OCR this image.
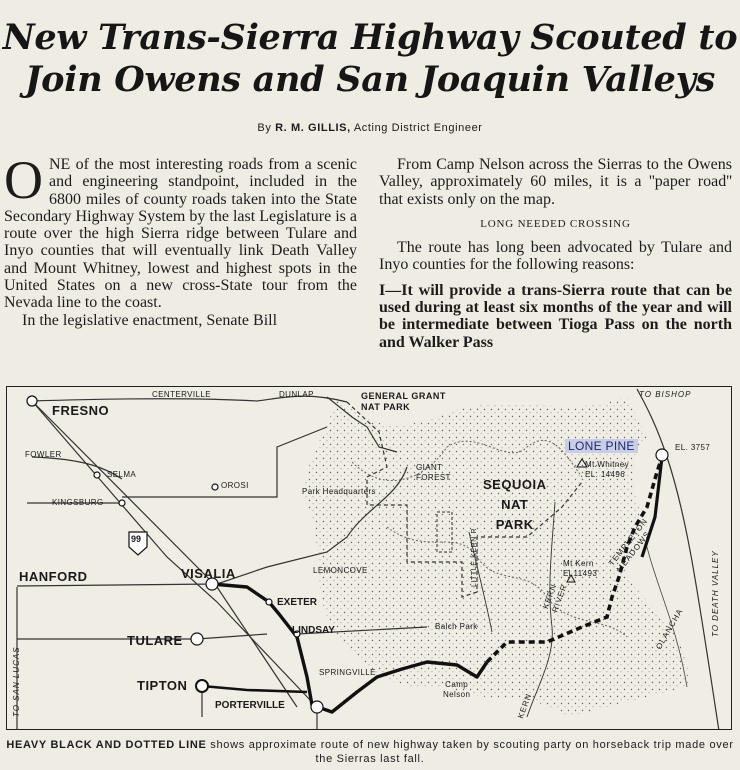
New Trans-Sierra Highway Scouted to
Join Owens and San Joaquin Valleys
By R. M. GILLIS, Acting District Engineer

ONE of the most interesting roads from a scenic and engineering standpoint, included in the 6800 miles of county roads taken into the State Secondary Highway System by the last Legislature is a route over the high Sierra ridge between Tulare and Inyo counties that will eventually link Death Valley and Mount Whitney, lowest and highest spots in the United States on a new cross-State tour from the Nevada line to the coast.

In the legislative enactment, Senate Bill

From Camp Nelson across the Sierras to the Owens Valley, approximately 60 miles, it is a ''paper road'' that exists only on the map.

LONG NEEDED CROSSING

The route has long been advocated by Tulare and Inyo counties for the following reasons:

I—It will provide a trans-Sierra route that can be used during at least six months of the year and will be intermediate between Tioga Pass on the north and Walker Pass

FRESNO
CENTERVILLE	DUNLAP	GENERAL GRANT
NAT PARK
TO BISHOP
FOWLER
SELMA
OROSI
KINGSBURG
GIANT
FOREST
Park Headquarters	SEQUOIA
NAT
PARK
LONE PINE	EL. 3757
Mt.Whitney
EL. 14496
99
HANFORD	VISALIA	LEMONCOVE
EXETER
Mt Kern
El.11493'
TEMPLETON
MEADOWS	TO DEATH VALLEY
LITTLE KERN R
KERN
RIVER
TULARE
LINDSAY	Balch Park	OLANCHA
TO SAN LUCAS	TIPTON
SPRINGVILLE
Camp
Nelson
PORTERVILLE	KERN
HEAVY BLACK AND DOTTED LINE shows approximate route of new highway taken by scouting party on horseback trip made over the Sierras last fall.
